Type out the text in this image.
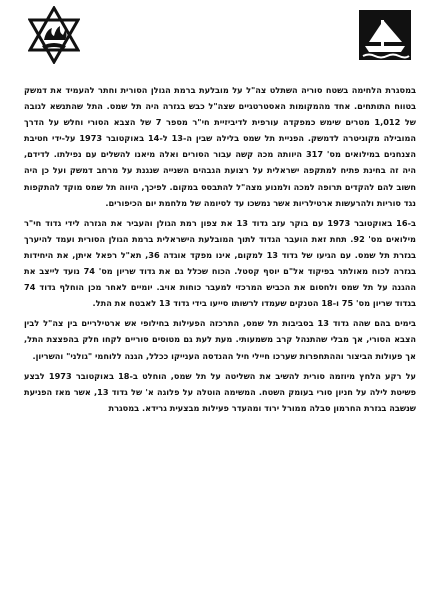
במסגרת הלחימה בשטח סוריה השתלט צה"ל על מובלעת ברמת הגולן הסורית וחתר להעמיד את דמשק בטווח התותחים. אחד מהמקומות האסטרטגיים שצה"ל כבש בגזרה היה תל שמס. התל שהתנשא לגובה של 1,012 מטרים שימש כמפקדה עורפית לדיביזיית חי"ר מספר 7 של הצבא הסורי וחלש על הדרך המובילה מקוניטרה לדמשק. הפניית תל שמס בלילה שבין ה-13 ל-14 באוקטובר 1973 על-ידי חטיבת הצנחנים במילואים מס' 317 היוותה מכה קשה עבור הסורים ואלה מיאנו להשלים עם נפילתו. לדידם, היה זה בחינת פתיח למתקפה ישראלית על רצועת הגבהים השנייה שנגנת על מרחב דמשק ועל כן היה חשוב להם להקדים תרופה למכה ולמנוע מצה"ל להתבסס במקום. לפיכך, היווה תל שמס מוקד להתקפות נגד סוריות ולהרעשות ארטילריות אשר נמשכו עד לסיומה של מלחמת יום הכיפורים.

ב-16 באוקטובר 1973 עם בוקר עזב גדוד 13 את צפון רמת הגולן והעביר את הגזרה לידי גדוד חי"ר מילואים מס' 92. תחת זאת הועבר הגדוד לתוך המובלעת הישראלית ברמת הגולן הסורית ועמד להיערך בגזרת תל שמס. עם הגיעו של גדוד 13 למקום, אינו מפקד אוגדה 36, תא"ל רפאל איתן, את היחידות בגזרה לכוח מאולתר בפיקוד אל"ם יוסף קסטל. הכוח שכלל גם את גדוד שריון מס' 74 נועד לייצב את ההגנה על תל שמס ולחסום את הכביש המרכזי למעבר כוחות אויב. יומיים לאחר מכן הוחלף גדוד 74 בגדוד שריון מס' 75 ו-18 הטנקים שעמדו לרשותו סייעו בידי גדוד 13 לאבטח את התל.

בימים בהם שהה גדוד 13 בסביבות תל שמס, התרכזה הפעילות בחילופי אש ארטילריים בין צה"ל לבין הצבא הסורי, אך מבלי שהתנהל קרב משמעותי. מעת לעת גם מטוסים סוריים לקחו חלק בהפצצת התל, אך פעולות הביצור וההתחפרות שערכו חיילי חיל ההנדסה הענייקו ככלל, הגנה ללוחמי "גולני" והשריון.

על רקע הלחץ מיוזמה סורית להשיב את השליטה על תל שמס, הוחלט ב-18 באוקטובר 1973 לבצע פשיטת לילה על חניון סורי בעומק השטח. המשימה הוטלה על פלוגה א' של גדוד 13, אשר מאז הפניעת שנשבה בגזרת החרמון סבלה ממורל ירוד ומהעדר פעילות מבצעית גרידא. במסגרת
